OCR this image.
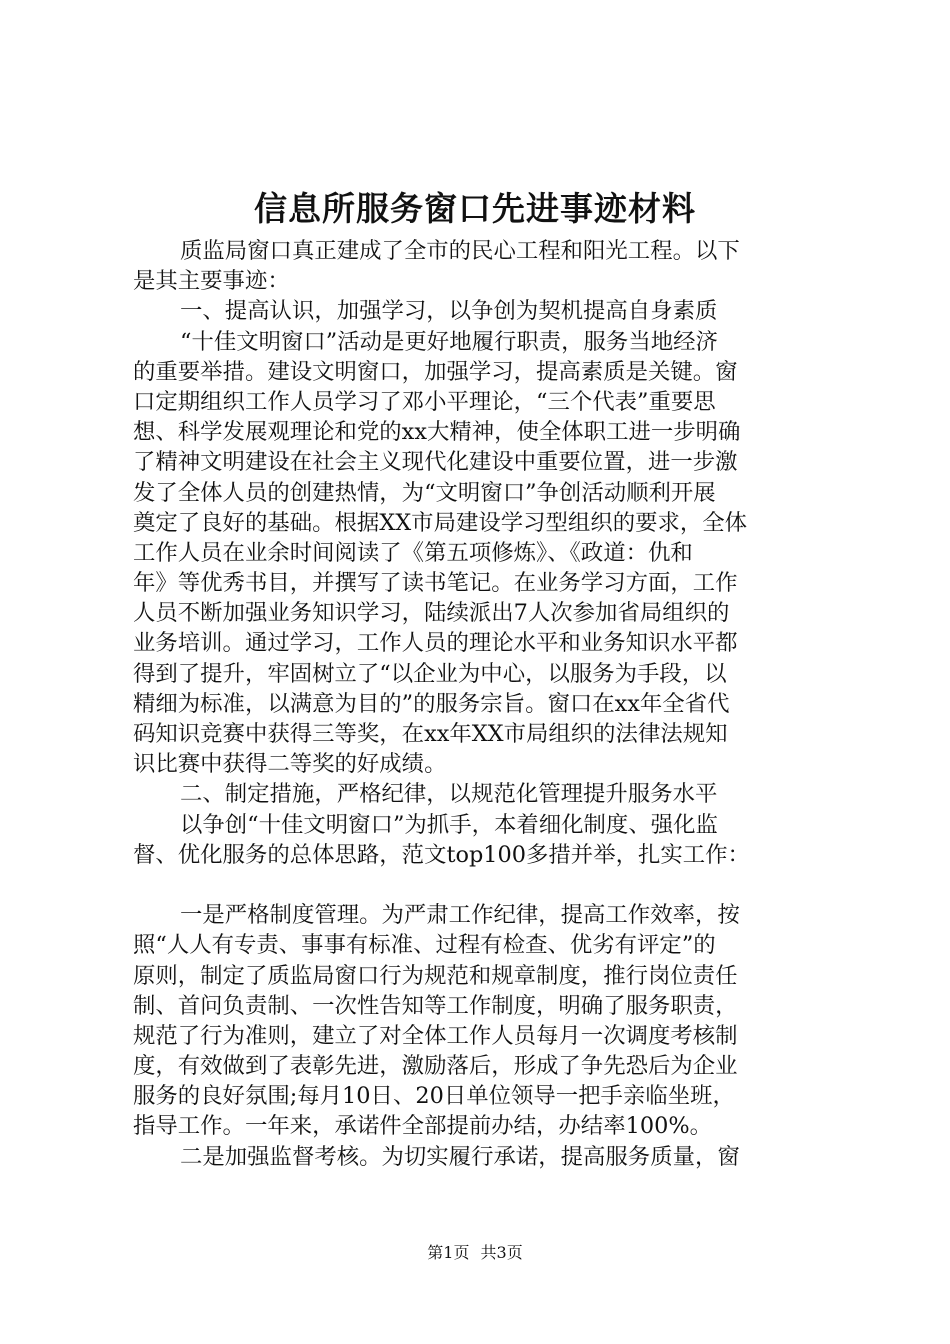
信息所服务窗口先进事迹材料
质监局窗口真正建成了全市的民心工程和阳光工程。以下
是其主要事迹：
一、提高认识，加强学习，以争创为契机提高自身素质
“十佳文明窗口”活动是更好地履行职责，服务当地经济
的重要举措。建设文明窗口，加强学习，提高素质是关键。窗
口定期组织工作人员学习了邓小平理论，“三个代表”重要思
想、科学发展观理论和党的xx大精神，使全体职工进一步明确
了精神文明建设在社会主义现代化建设中重要位置，进一步激
发了全体人员的创建热情，为“文明窗口”争创活动顺利开展
奠定了良好的基础。根据XX市局建设学习型组织的要求，全体
工作人员在业余时间阅读了《第五项修炼》、《政道：仇和
年》等优秀书目，并撰写了读书笔记。在业务学习方面，工作
人员不断加强业务知识学习，陆续派出7人次参加省局组织的
业务培训。通过学习，工作人员的理论水平和业务知识水平都
得到了提升，牢固树立了“以企业为中心，以服务为手段，以
精细为标准，以满意为目的”的服务宗旨。窗口在xx年全省代
码知识竞赛中获得三等奖，在xx年XX市局组织的法律法规知
识比赛中获得二等奖的好成绩。
二、制定措施，严格纪律，以规范化管理提升服务水平
以争创“十佳文明窗口”为抓手，本着细化制度、强化监
督、优化服务的总体思路，范文top100多措并举，扎实工作：
一是严格制度管理。为严肃工作纪律，提高工作效率，按
照“人人有专责、事事有标准、过程有检查、优劣有评定”的
原则，制定了质监局窗口行为规范和规章制度，推行岗位责任
制、首问负责制、一次性告知等工作制度，明确了服务职责，
规范了行为准则，建立了对全体工作人员每月一次调度考核制
度，有效做到了表彰先进，激励落后，形成了争先恐后为企业
服务的良好氛围;每月10日、20日单位领导一把手亲临坐班，
指导工作。一年来，承诺件全部提前办结，办结率100%。
二是加强监督考核。为切实履行承诺，提高服务质量，窗
第1页 共3页
